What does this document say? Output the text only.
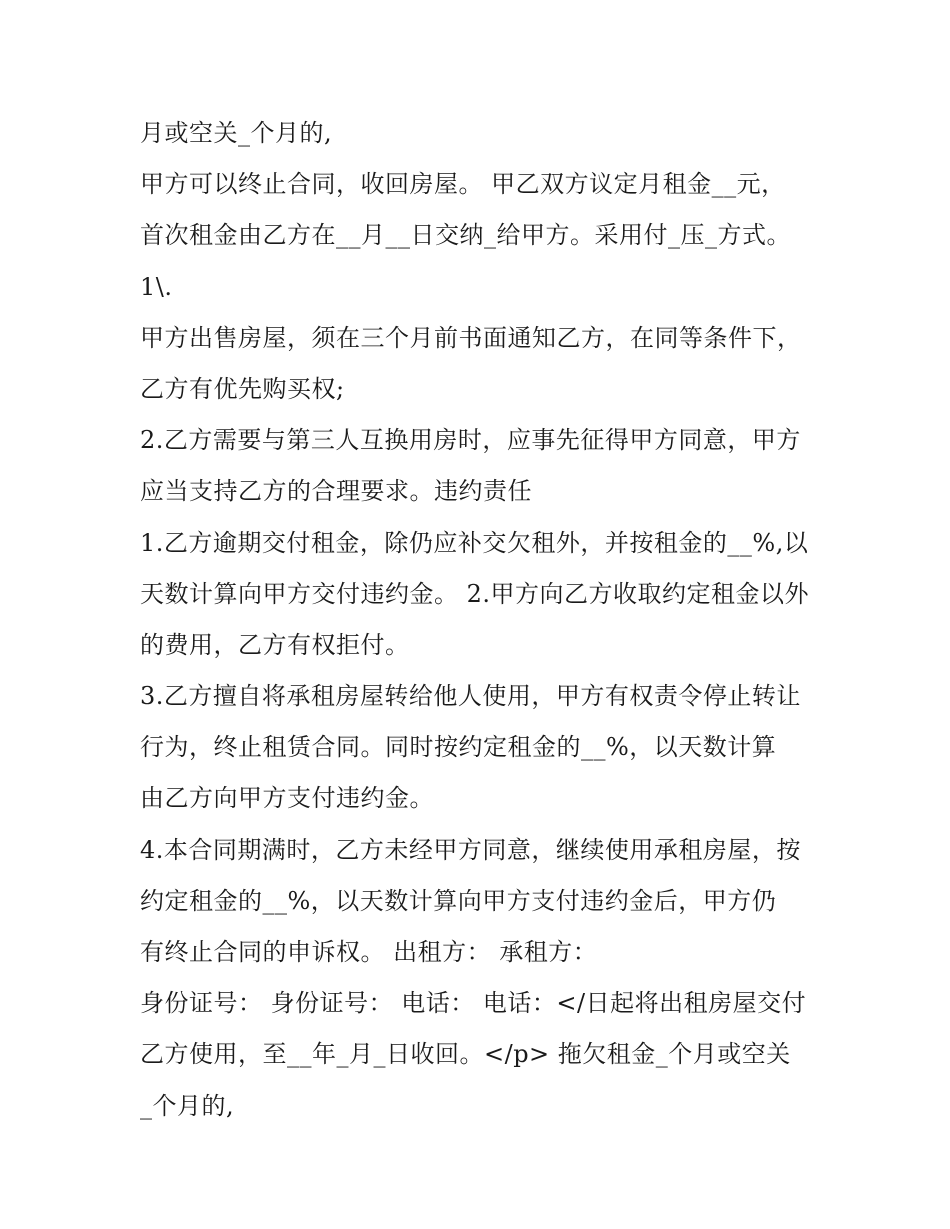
月或空关_个月的,
甲方可以终止合同，收回房屋。 甲乙双方议定月租金__元，
首次租金由乙方在__月__日交纳_给甲方。采用付_压_方式。
1\.
甲方出售房屋，须在三个月前书面通知乙方，在同等条件下，
乙方有优先购买权;
2.乙方需要与第三人互换用房时，应事先征得甲方同意，甲方
应当支持乙方的合理要求。违约责任
1.乙方逾期交付租金，除仍应补交欠租外，并按租金的__%,以
天数计算向甲方交付违约金。 2.甲方向乙方收取约定租金以外
的费用，乙方有权拒付。
3.乙方擅自将承租房屋转给他人使用，甲方有权责令停止转让
行为，终止租赁合同。同时按约定租金的__%，以天数计算
由乙方向甲方支付违约金。
4.本合同期满时，乙方未经甲方同意，继续使用承租房屋，按
约定租金的__%，以天数计算向甲方支付违约金后，甲方仍
有终止合同的申诉权。 出租方： 承租方：
身份证号： 身份证号： 电话： 电话：</日起将出租房屋交付
乙方使用，至__年_月_日收回。</p> 拖欠租金_个月或空关
_个月的,
